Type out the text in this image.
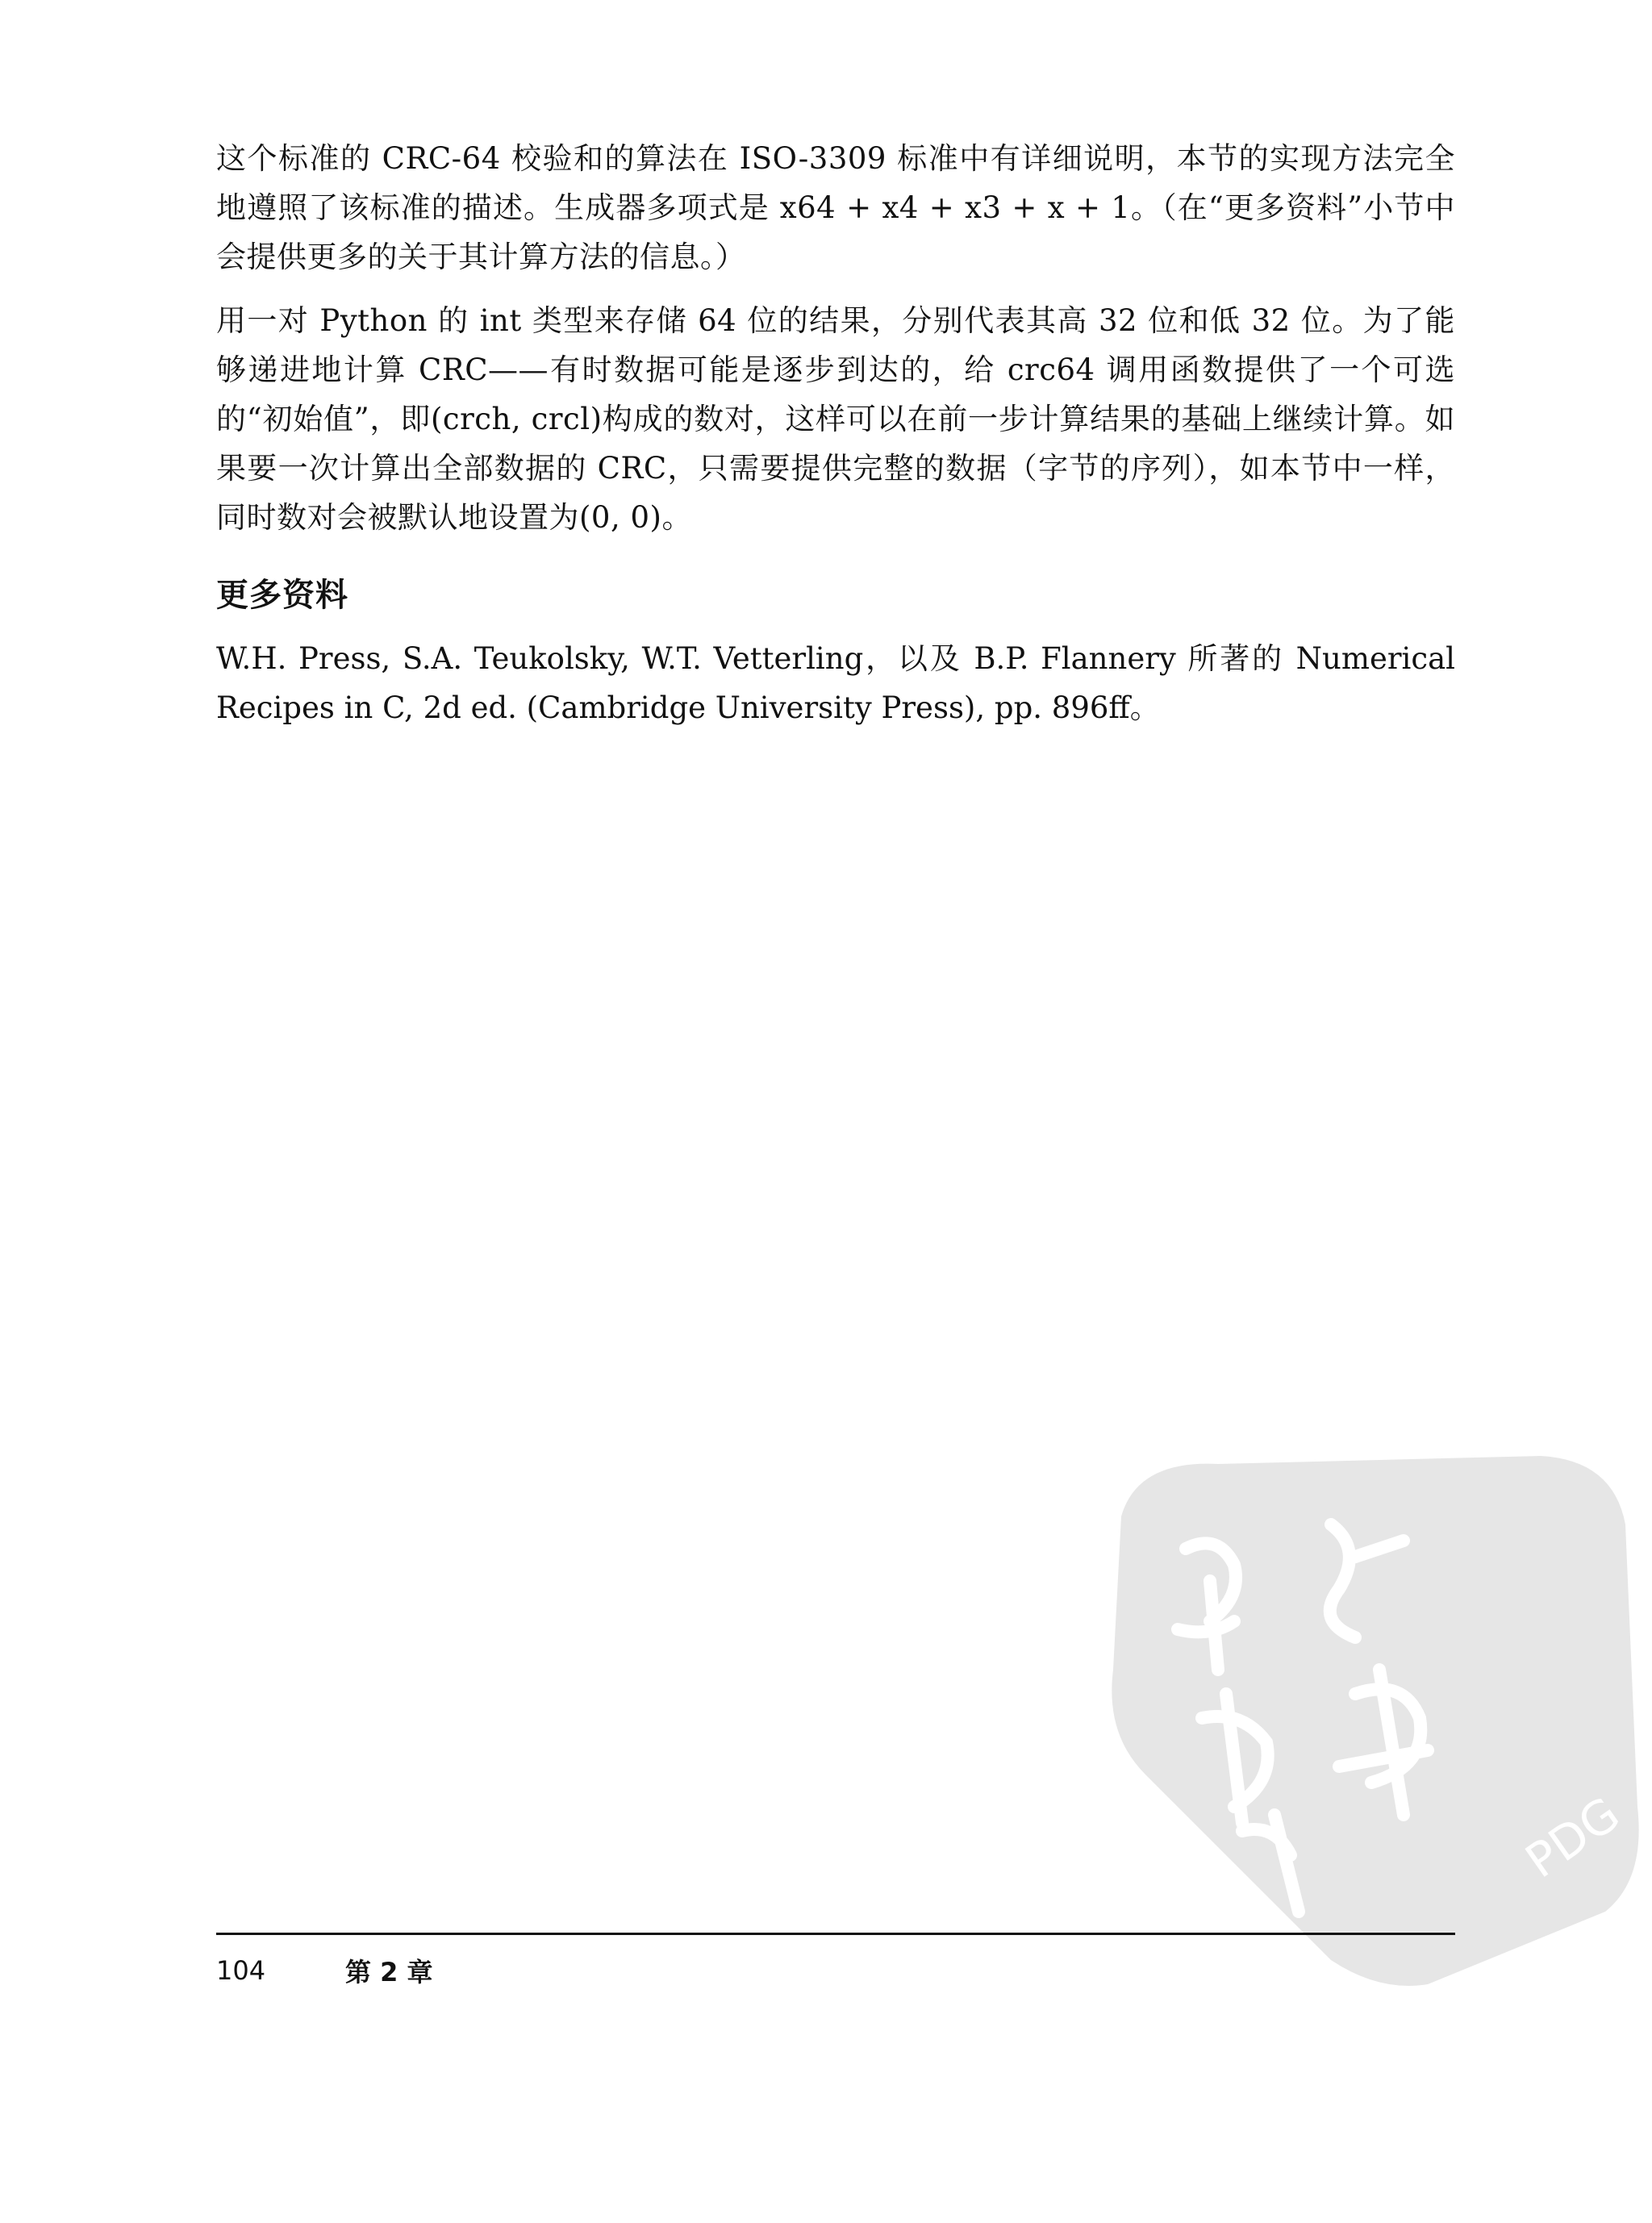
这个标准的 CRC-64 校验和的算法在 ISO-3309 标准中有详细说明，本节的实现方法完全地遵照了该标准的描述。生成器多项式是 x64 + x4 + x3 + x + 1。（在“更多资料”小节中会提供更多的关于其计算方法的信息。）

用一对 Python 的 int 类型来存储 64 位的结果，分别代表其高 32 位和低 32 位。为了能够递进地计算 CRC——有时数据可能是逐步到达的，给 crc64 调用函数提供了一个可选的“初始值”，即(crch, crcl)构成的数对，这样可以在前一步计算结果的基础上继续计算。如果要一次计算出全部数据的 CRC，只需要提供完整的数据（字节的序列），如本节中一样，同时数对会被默认地设置为(0, 0)。

更多资料

W.H. Press, S.A. Teukolsky, W.T. Vetterling，以及 B.P. Flannery 所著的 Numerical Recipes in C, 2d ed. (Cambridge University Press), pp. 896ff。

PDG
104	第 2 章
